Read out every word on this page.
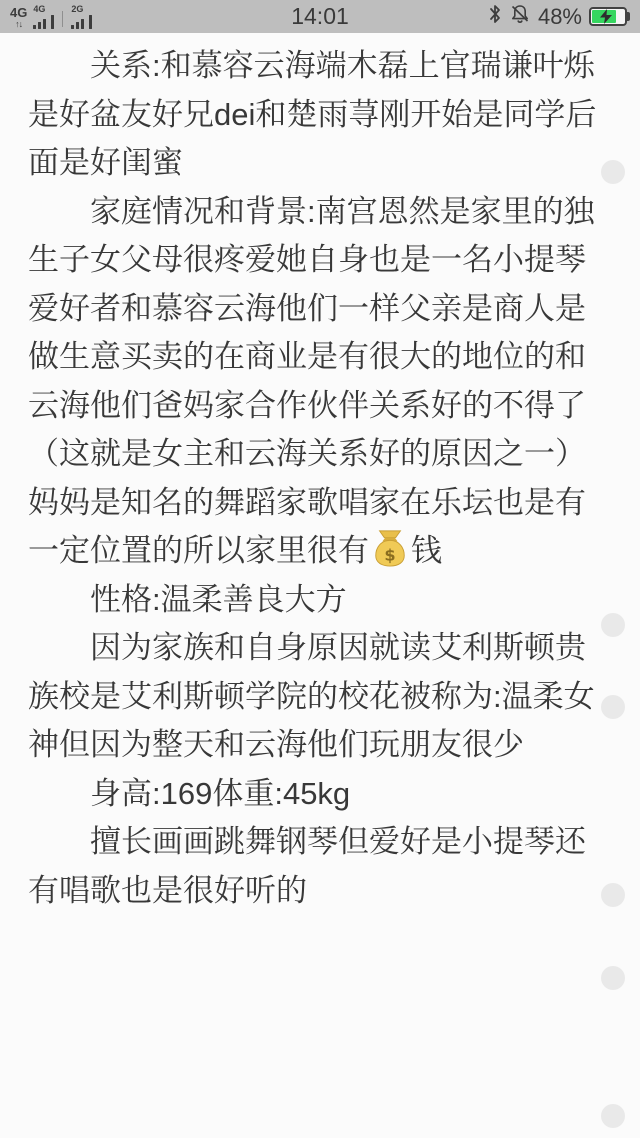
4G
↑↓
4G	2G	14:01	48%

关系:和慕容云海端木磊上官瑞谦叶烁是好盆友好兄dei和楚雨荨刚开始是同学后面是好闺蜜

家庭情况和背景:南宫恩然是家里的独生子女父母很疼爱她自身也是一名小提琴爱好者和慕容云海他们一样父亲是商人是做生意买卖的在商业是有很大的地位的和云海他们爸妈家合作伙伴关系好的不得了（这就是女主和云海关系好的原因之一）妈妈是知名的舞蹈家歌唱家在乐坛也是有一定位置的所以家里很有 $ 钱

性格:温柔善良大方

因为家族和自身原因就读艾利斯顿贵族校是艾利斯顿学院的校花被称为:温柔女神但因为整天和云海他们玩朋友很少

身高:169体重:45kg

擅长画画跳舞钢琴但爱好是小提琴还有唱歌也是很好听的
